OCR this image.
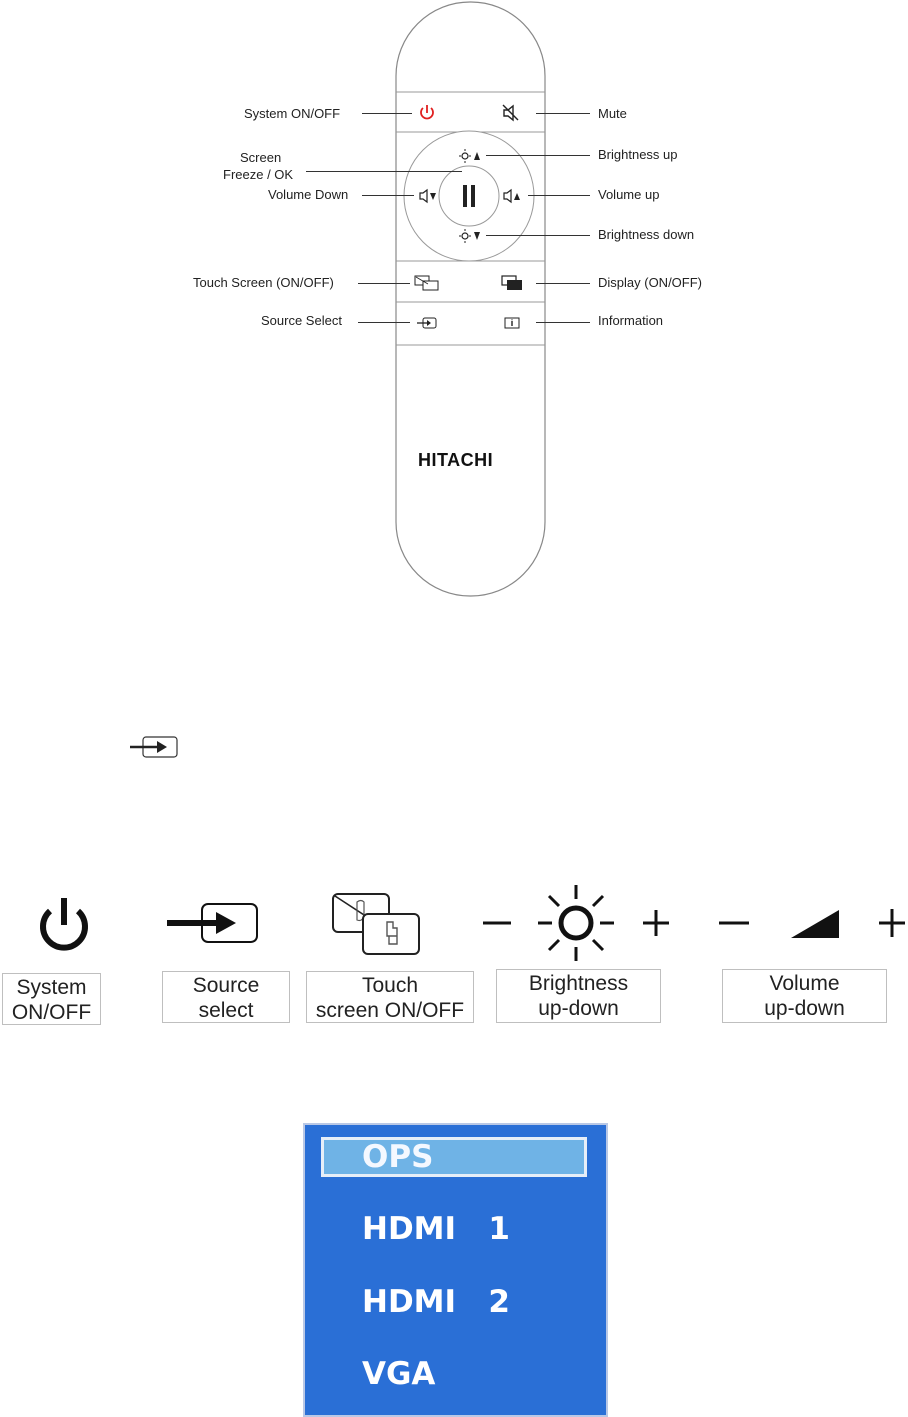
System ON/OFF	Mute
Screen
Freeze / OK
Brightness up
Volume Down	Volume up
Brightness down
Touch Screen (ON/OFF)	Display (ON/OFF)
Source Select	Information
HITACHI
System
ON/OFF
Source
select
Touch
screen ON/OFF
Brightness
up-down
Volume
up-down
OPS
HDMI   1
HDMI   2
VGA
